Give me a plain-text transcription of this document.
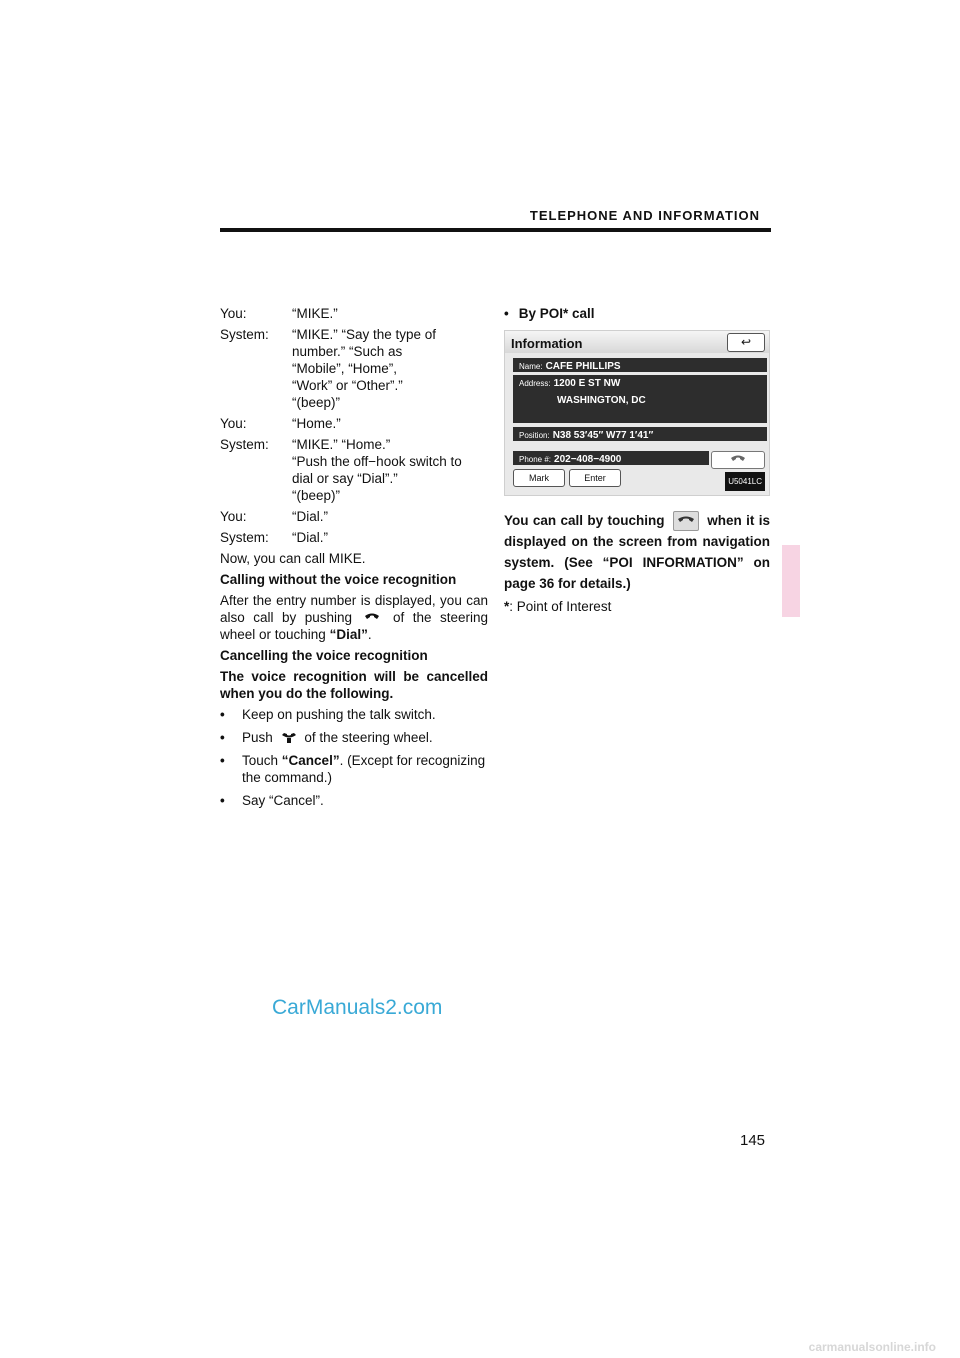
TELEPHONE AND INFORMATION
You:	“MIKE.”
System:	“MIKE.” “Say the type of
number.” “Such as
“Mobile”, “Home”,
“Work” or “Other”.”
“(beep)”
You:	“Home.”
System:	“MIKE.” “Home.”
“Push the off−hook switch to
dial or say “Dial”.”
“(beep)”
You:	“Dial.”
System:	“Dial.”
Now, you can call MIKE.
Calling without the voice recognition
After the entry number is displayed, you can also call by pushing	of the steering wheel or touching “Dial”.
Cancelling the voice recognition
The voice recognition will be cancelled when you do the following.
•	Keep on pushing the talk switch.
•	Push of the steering wheel.
•	Touch “Cancel”. (Except for recognizing the command.)
•	Say “Cancel”.
• By POI* call
Information	↩
Name: CAFE PHILLIPS
Address: 1200 E ST NW
WASHINGTON, DC
Position: N38 53′45″ W77 1′41″
Phone #: 202−408−4900
Mark	Enter	U5041LC
You can call by touching	when it is displayed on the screen from navigation system. (See “POI INFORMATION” on page 36 for details.)
*: Point of Interest
CarManuals2.com
145
carmanualsonline.info
